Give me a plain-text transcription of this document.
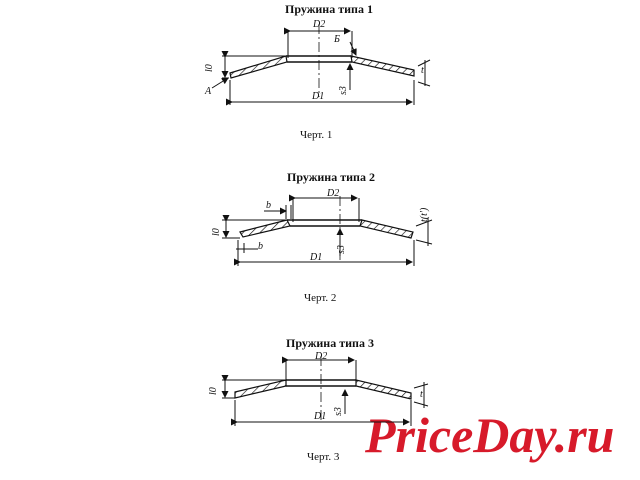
Пружина типа 1
Черт. 1
Пружина типа 2
Черт. 2
Пружина типа 3
Черт. 3 PriceDay.ru
D2
D1
l0
s3
t
A
Б
D2
D1
l0
s3
b
b
t(t')
D2
D1
l0
s3
t
